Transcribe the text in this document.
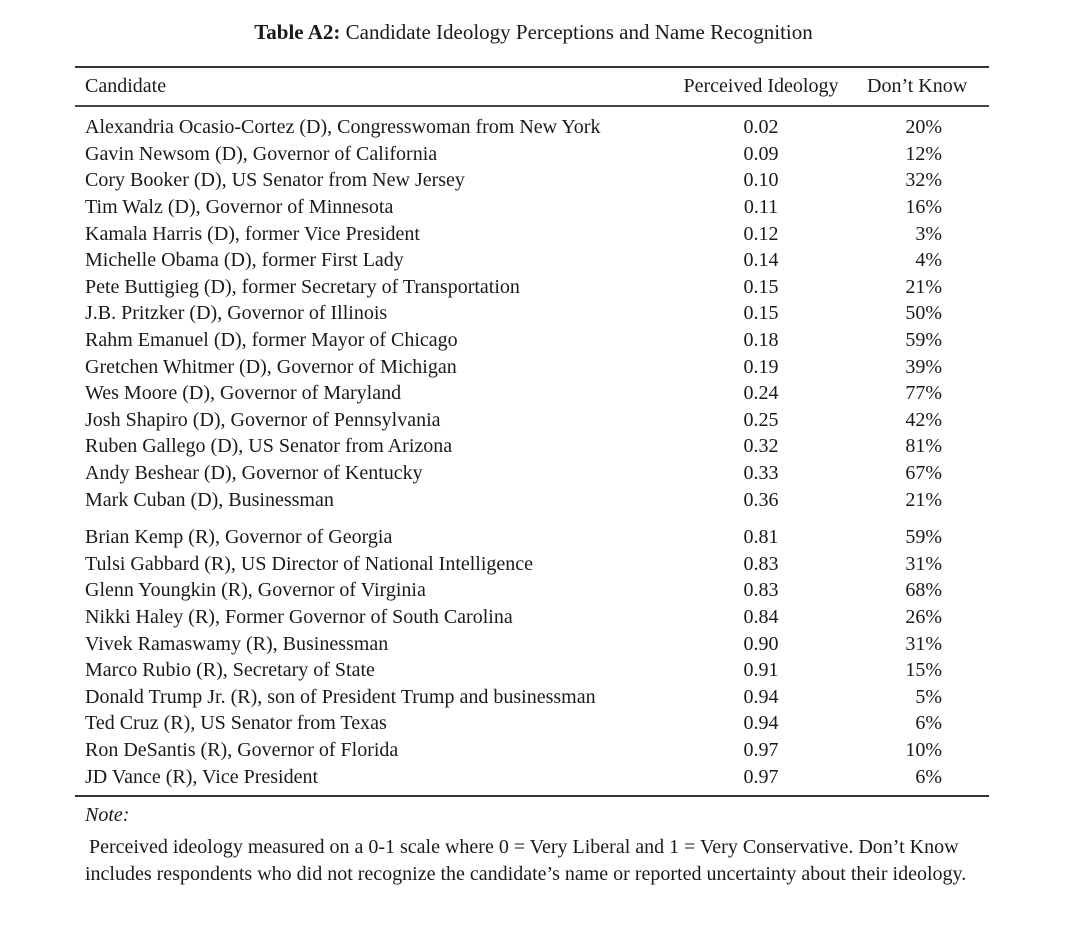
Table A2: Candidate Ideology Perceptions and Name Recognition
Candidate	Perceived Ideology	Don’t Know
Alexandria Ocasio-Cortez (D), Congresswoman from New York	0.02	20%
Gavin Newsom (D), Governor of California	0.09	12%
Cory Booker (D), US Senator from New Jersey	0.10	32%
Tim Walz (D), Governor of Minnesota	0.11	16%
Kamala Harris (D), former Vice President	0.12	3%
Michelle Obama (D), former First Lady	0.14	4%
Pete Buttigieg (D), former Secretary of Transportation	0.15	21%
J.B. Pritzker (D), Governor of Illinois	0.15	50%
Rahm Emanuel (D), former Mayor of Chicago	0.18	59%
Gretchen Whitmer (D), Governor of Michigan	0.19	39%
Wes Moore (D), Governor of Maryland	0.24	77%
Josh Shapiro (D), Governor of Pennsylvania	0.25	42%
Ruben Gallego (D), US Senator from Arizona	0.32	81%
Andy Beshear (D), Governor of Kentucky	0.33	67%
Mark Cuban (D), Businessman	0.36	21%
Brian Kemp (R), Governor of Georgia	0.81	59%
Tulsi Gabbard (R), US Director of National Intelligence	0.83	31%
Glenn Youngkin (R), Governor of Virginia	0.83	68%
Nikki Haley (R), Former Governor of South Carolina	0.84	26%
Vivek Ramaswamy (R), Businessman	0.90	31%
Marco Rubio (R), Secretary of State	0.91	15%
Donald Trump Jr. (R), son of President Trump and businessman	0.94	5%
Ted Cruz (R), US Senator from Texas	0.94	6%
Ron DeSantis (R), Governor of Florida	0.97	10%
JD Vance (R), Vice President	0.97	6%
Note:
Perceived ideology measured on a 0-1 scale where 0 = Very Liberal and 1 = Very Conservative. Don’t Know includes respondents who did not recognize the candidate’s name or reported uncertainty about their ideology.
